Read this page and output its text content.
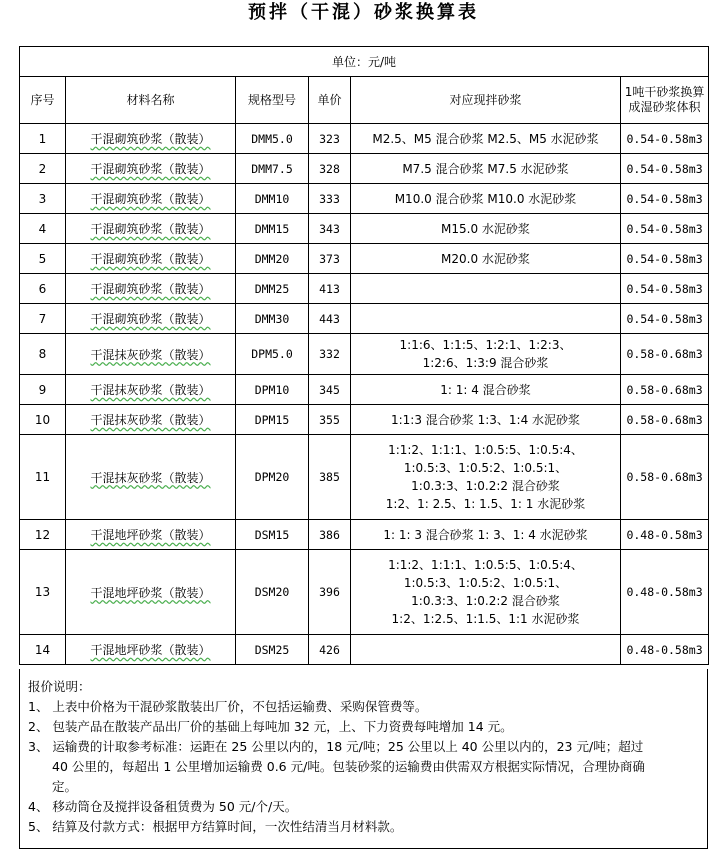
预拌（干混）砂浆换算表
单位：元/吨					
序号	材料名称	规格型号	单价	对应现拌砂浆	1吨干砂浆换算
成湿砂浆体积

1	干混砌筑砂浆（散装）	DMM5.0	323	M2.5、M5 混合砂浆 M2.5、M5 水泥砂浆	0.54-0.58m3
2	干混砌筑砂浆（散装）	DMM7.5	328	M7.5 混合砂浆 M7.5 水泥砂浆	0.54-0.58m3
3	干混砌筑砂浆（散装）	DMM10	333	M10.0 混合砂浆 M10.0 水泥砂浆	0.54-0.58m3
4	干混砌筑砂浆（散装）	DMM15	343	M15.0 水泥砂浆	0.54-0.58m3
5	干混砌筑砂浆（散装）	DMM20	373	M20.0 水泥砂浆	0.54-0.58m3
6	干混砌筑砂浆（散装）	DMM25	413		0.54-0.58m3
7	干混砌筑砂浆（散装）	DMM30	443		0.54-0.58m3
8	干混抹灰砂浆（散装）	DPM5.0	332	1:1:6、1:1:5、1:2:1、1:2:3、
1:2:6、1:3:9 混合砂浆	0.58-0.68m3
9	干混抹灰砂浆（散装）	DPM10	345	1: 1: 4 混合砂浆	0.58-0.68m3
10	干混抹灰砂浆（散装）	DPM15	355	1:1:3 混合砂浆 1:3、1:4 水泥砂浆	0.58-0.68m3
11	干混抹灰砂浆（散装）	DPM20	385	1:1:2、1:1:1、1:0.5:5、1:0.5:4、
1:0.5:3、1:0.5:2、1:0.5:1、
1:0.3:3、1:0.2:2 混合砂浆
1:2、1: 2.5、1: 1.5、1: 1 水泥砂浆	0.58-0.68m3
12	干混地坪砂浆（散装）	DSM15	386	1: 1: 3 混合砂浆 1: 3、1: 4 水泥砂浆	0.48-0.58m3
13	干混地坪砂浆（散装）	DSM20	396	1:1:2、1:1:1、1:0.5:5、1:0.5:4、
1:0.5:3、1:0.5:2、1:0.5:1、
1:0.3:3、1:0.2:2 混合砂浆
1:2、1:2.5、1:1.5、1:1 水泥砂浆	0.48-0.58m3
14	干混地坪砂浆（散装）	DSM25	426		0.48-0.58m3

报价说明：

1、 上表中价格为干混砂浆散装出厂价，不包括运输费、采购保管费等。

2、 包装产品在散装产品出厂价的基础上每吨加 32 元，上、下力资费每吨增加 14 元。

3、 运输费的计取参考标准：运距在 25 公里以内的，18 元/吨；25 公里以上 40 公里以内的，23 元/吨；超过

40 公里的，每超出 1 公里增加运输费 0.6 元/吨。包装砂浆的运输费由供需双方根据实际情况，合理协商确

定。

4、 移动筒仓及搅拌设备租赁费为 50 元/个/天。

5、 结算及付款方式：根据甲方结算时间，一次性结清当月材料款。
